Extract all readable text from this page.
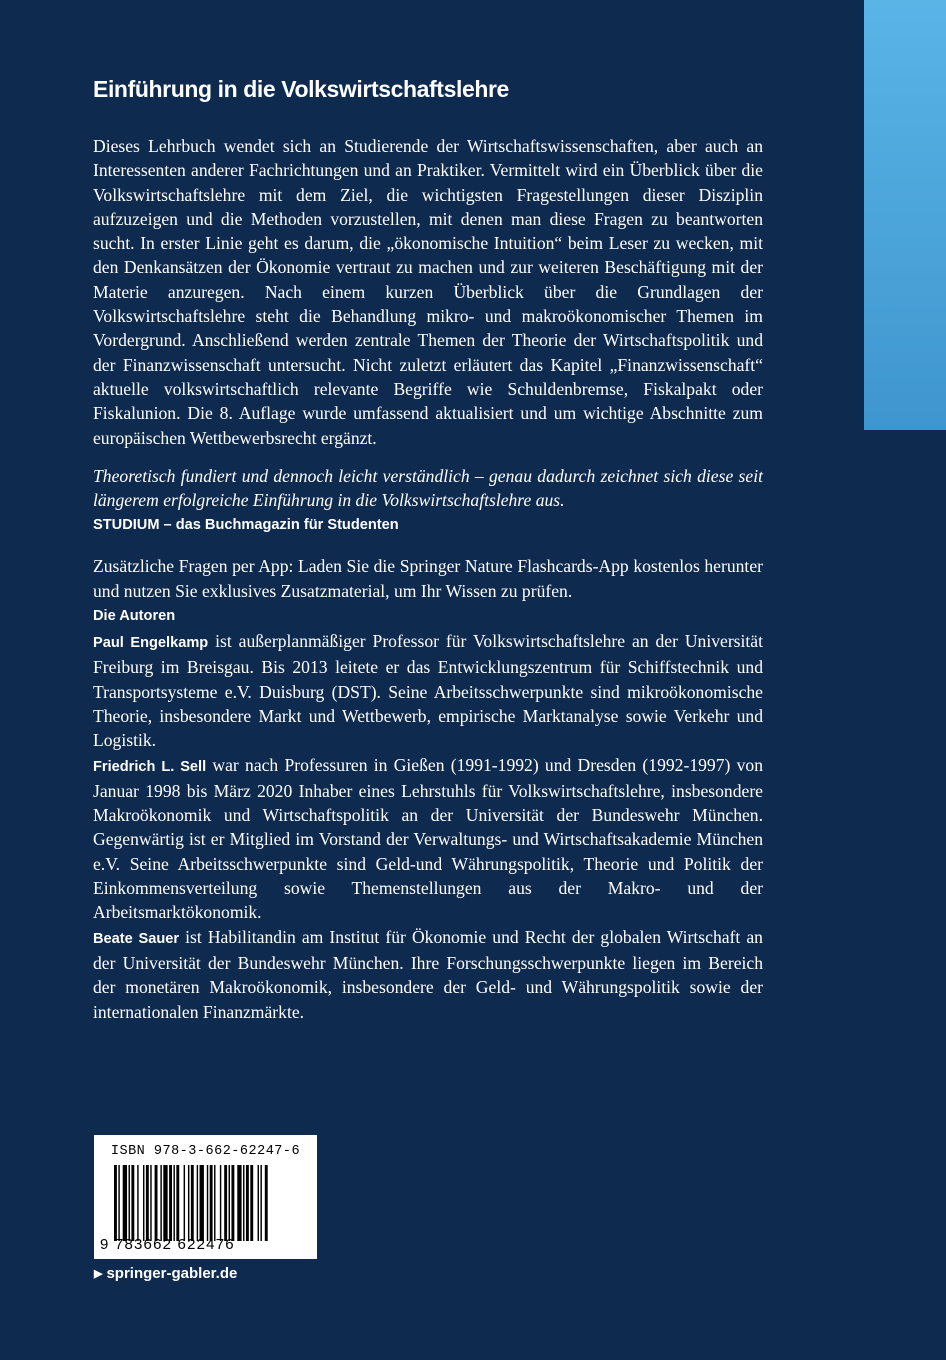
Einführung in die Volkswirtschaftslehre

Dieses Lehrbuch wendet sich an Studierende der Wirtschaftswissenschaften, aber auch an Interessenten anderer Fachrichtungen und an Praktiker. Vermittelt wird ein Überblick über die Volkswirtschaftslehre mit dem Ziel, die wichtigsten Fragestellungen dieser Disziplin aufzuzeigen und die Methoden vorzustellen, mit denen man diese Fragen zu beantworten sucht. In erster Linie geht es darum, die „ökonomische Intuition“ beim Leser zu wecken, mit den Denkansätzen der Ökonomie vertraut zu machen und zur weiteren Beschäftigung mit der Materie anzuregen. Nach einem kurzen Überblick über die Grundlagen der Volkswirtschaftslehre steht die Behandlung mikro- und makroökonomischer Themen im Vordergrund. Anschließend werden zentrale Themen der Theorie der Wirtschaftspolitik und der Finanzwissenschaft untersucht. Nicht zuletzt erläutert das Kapitel „Finanzwissenschaft“ aktuelle volkswirtschaftlich relevante Begriffe wie Schuldenbremse, Fiskalpakt oder Fiskalunion. Die 8. Auflage wurde umfassend aktualisiert und um wichtige Abschnitte zum europäischen Wettbewerbsrecht ergänzt.

Theoretisch fundiert und dennoch leicht verständlich – genau dadurch zeichnet sich diese seit längerem erfolgreiche Einführung in die Volkswirtschaftslehre aus.

STUDIUM – das Buchmagazin für Studenten

Zusätzliche Fragen per App: Laden Sie die Springer Nature Flashcards-App kostenlos herunter und nutzen Sie exklusives Zusatzmaterial, um Ihr Wissen zu prüfen.

Die Autoren

Paul Engelkamp ist außerplanmäßiger Professor für Volkswirtschaftslehre an der Universität Freiburg im Breisgau. Bis 2013 leitete er das Entwicklungszentrum für Schiffstechnik und Transportsysteme e.V. Duisburg (DST). Seine Arbeitsschwerpunkte sind mikroökonomische Theorie, insbesondere Markt und Wettbewerb, empirische Marktanalyse sowie Verkehr und Logistik.

Friedrich L. Sell war nach Professuren in Gießen (1991-1992) und Dresden (1992-1997) von Januar 1998 bis März 2020 Inhaber eines Lehrstuhls für Volkswirtschaftslehre, insbesondere Makroökonomik und Wirtschaftspolitik an der Universität der Bundeswehr München. Gegenwärtig ist er Mitglied im Vorstand der Verwaltungs- und Wirtschaftsakademie München e.V. Seine Arbeitsschwerpunkte sind Geld-und Währungspolitik, Theorie und Politik der Einkommensverteilung sowie Themenstellungen aus der Makro- und der Arbeitsmarktökonomik.

Beate Sauer ist Habilitandin am Institut für Ökonomie und Recht der globalen Wirtschaft an der Universität der Bundeswehr München. Ihre Forschungsschwerpunkte liegen im Bereich der monetären Makroökonomik, insbesondere der Geld- und Währungspolitik sowie der internationalen Finanzmärkte.

ISBN 978-3-662-62247-6
9 783662 622476
▶ springer-gabler.de
